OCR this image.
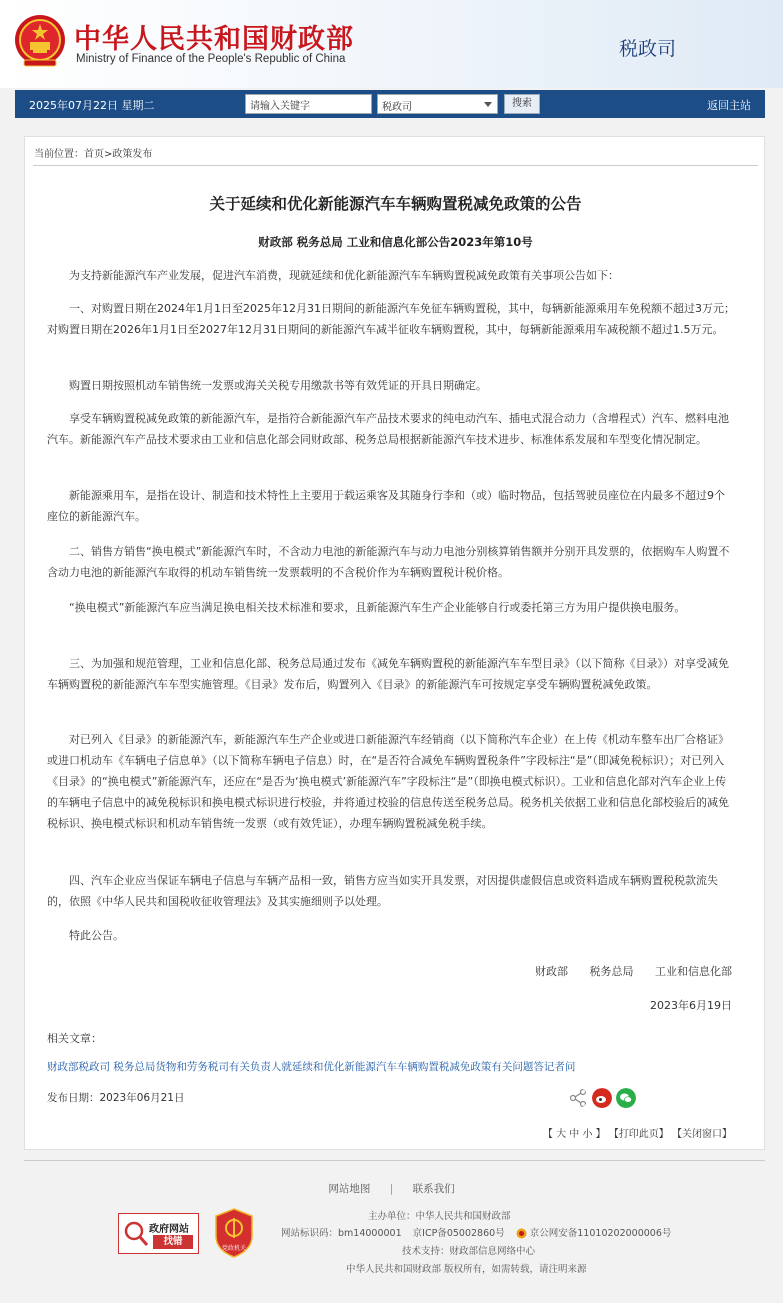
中华人民共和国财政部
Ministry of Finance of the People's Republic of China	税政司
2025年07月22日 星期二
请输入关键字	税政司	搜索	返回主站
当前位置：首页>政策发布
关于延续和优化新能源汽车车辆购置税减免政策的公告
财政部 税务总局 工业和信息化部公告2023年第10号

为支持新能源汽车产业发展，促进汽车消费，现就延续和优化新能源汽车车辆购置税减免政策有关事项公告如下：

一、对购置日期在2024年1月1日至2025年12月31日期间的新能源汽车免征车辆购置税，其中，每辆新能源乘用车免税额不超过3万元；对购置日期在2026年1月1日至2027年12月31日期间的新能源汽车减半征收车辆购置税，其中，每辆新能源乘用车减税额不超过1.5万元。

购置日期按照机动车销售统一发票或海关关税专用缴款书等有效凭证的开具日期确定。

享受车辆购置税减免政策的新能源汽车，是指符合新能源汽车产品技术要求的纯电动汽车、插电式混合动力（含增程式）汽车、燃料电池汽车。新能源汽车产品技术要求由工业和信息化部会同财政部、税务总局根据新能源汽车技术进步、标准体系发展和车型变化情况制定。

新能源乘用车，是指在设计、制造和技术特性上主要用于载运乘客及其随身行李和（或）临时物品，包括驾驶员座位在内最多不超过9个座位的新能源汽车。

二、销售方销售“换电模式”新能源汽车时，不含动力电池的新能源汽车与动力电池分别核算销售额并分别开具发票的，依据购车人购置不含动力电池的新能源汽车取得的机动车销售统一发票载明的不含税价作为车辆购置税计税价格。

“换电模式”新能源汽车应当满足换电相关技术标准和要求，且新能源汽车生产企业能够自行或委托第三方为用户提供换电服务。

三、为加强和规范管理，工业和信息化部、税务总局通过发布《减免车辆购置税的新能源汽车车型目录》（以下简称《目录》）对享受减免车辆购置税的新能源汽车车型实施管理。《目录》发布后，购置列入《目录》的新能源汽车可按规定享受车辆购置税减免政策。

对已列入《目录》的新能源汽车，新能源汽车生产企业或进口新能源汽车经销商（以下简称汽车企业）在上传《机动车整车出厂合格证》或进口机动车《车辆电子信息单》（以下简称车辆电子信息）时，在“是否符合减免车辆购置税条件”字段标注“是”（即减免税标识）；对已列入《目录》的“换电模式”新能源汽车，还应在“是否为‘换电模式’新能源汽车”字段标注“是”（即换电模式标识）。工业和信息化部对汽车企业上传的车辆电子信息中的减免税标识和换电模式标识进行校验，并将通过校验的信息传送至税务总局。税务机关依据工业和信息化部校验后的减免税标识、换电模式标识和机动车销售统一发票（或有效凭证），办理车辆购置税减免税手续。

四、汽车企业应当保证车辆电子信息与车辆产品相一致，销售方应当如实开具发票，对因提供虚假信息或资料造成车辆购置税税款流失的，依照《中华人民共和国税收征收管理法》及其实施细则予以处理。

特此公告。

财政部 税务总局 工业和信息化部
2023年6月19日
相关文章：
财政部税政司 税务总局货物和劳务税司有关负责人就延续和优化新能源汽车车辆购置税减免政策有关问题答记者问
发布日期：2023年06月21日
【 大 中 小 】 【打印此页】 【关闭窗口】
网站地图 | 联系我们
政府网站
找错
党政机关
主办单位：中华人民共和国财政部
网站标识码：bm14000001 京ICP备05002860号	京公网安备11010202000006号
技术支持：财政部信息网络中心
中华人民共和国财政部 版权所有，如需转载，请注明来源
